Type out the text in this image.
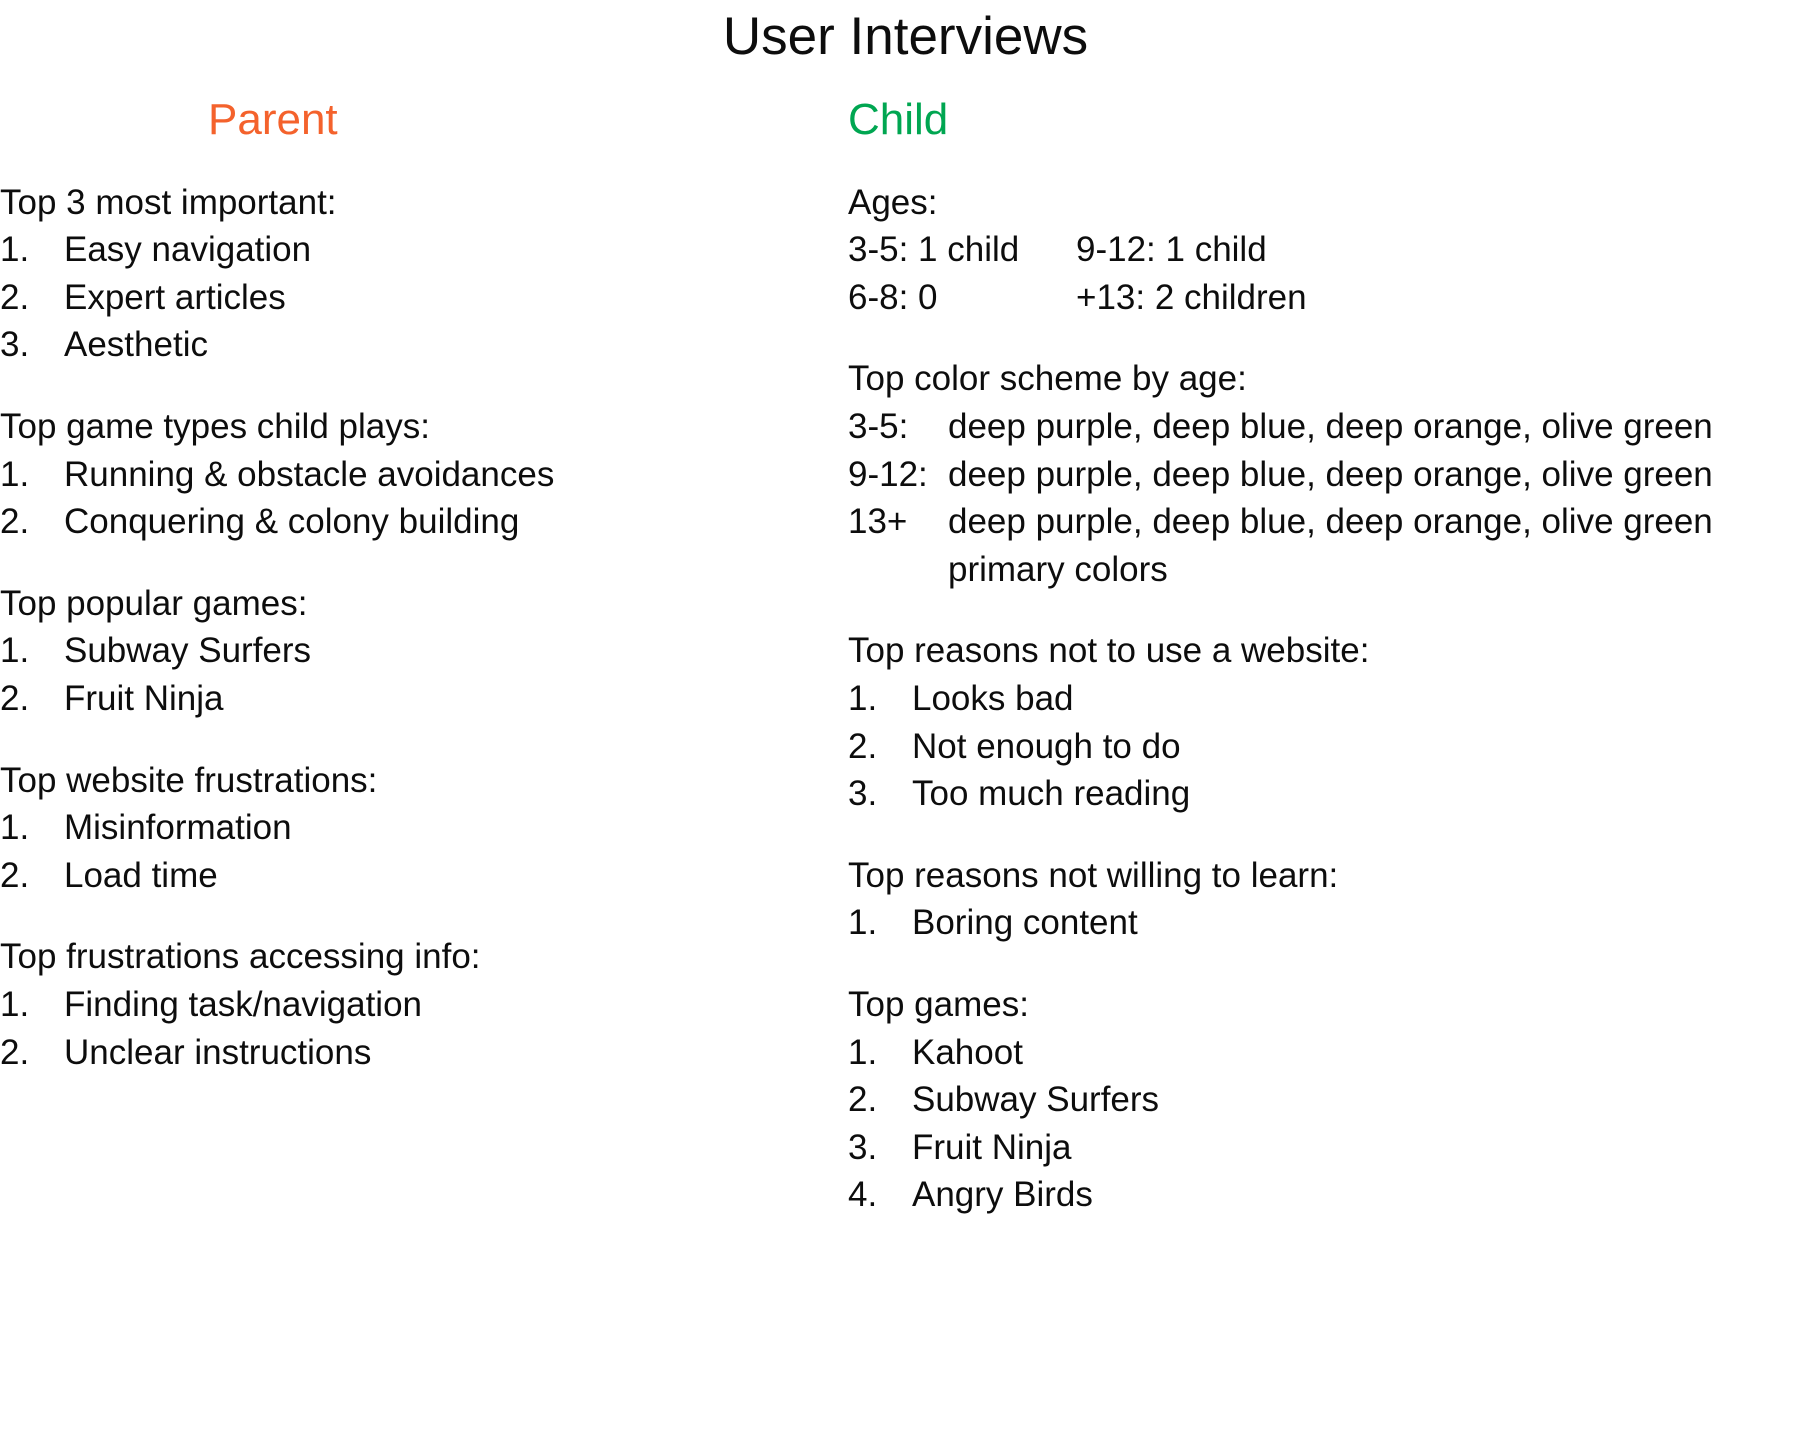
User Interviews
Parent
Top 3 most important:
1. Easy navigation
2. Expert articles
3. Aesthetic
Top game types child plays:
1. Running & obstacle avoidances
2. Conquering & colony building
Top popular games:
1. Subway Surfers
2. Fruit Ninja
Top website frustrations:
1. Misinformation
2. Load time
Top frustrations accessing info:
1. Finding task/navigation
2. Unclear instructions
Child
Ages:
3-5: 1 child	9-12: 1 child
6-8: 0	+13: 2 children
Top color scheme by age:
3-5:	deep purple, deep blue, deep orange, olive green
9-12: deep purple, deep blue, deep orange, olive green
13+	deep purple, deep blue, deep orange, olive green
primary colors
Top reasons not to use a website:
1. Looks bad
2. Not enough to do
3. Too much reading
Top reasons not willing to learn:
1. Boring content
Top games:
1. Kahoot
2. Subway Surfers
3. Fruit Ninja
4. Angry Birds
